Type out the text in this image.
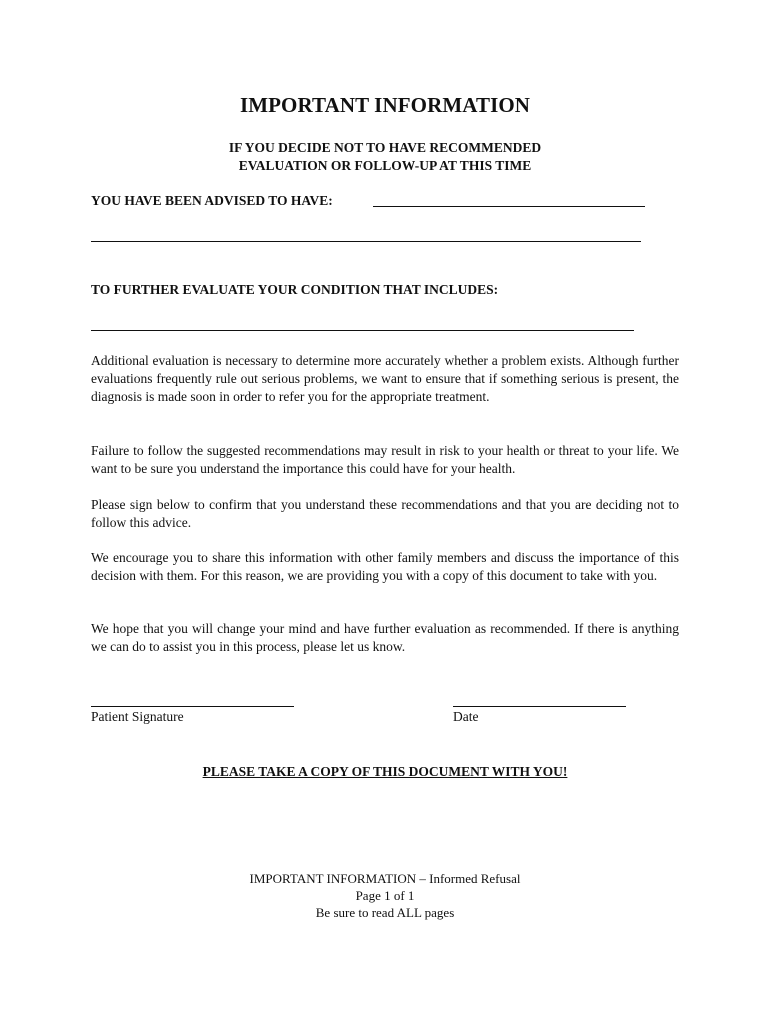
IMPORTANT INFORMATION
IF YOU DECIDE NOT TO HAVE RECOMMENDED
EVALUATION OR FOLLOW-UP AT THIS TIME
YOU HAVE BEEN ADVISED TO HAVE:
TO FURTHER EVALUATE YOUR CONDITION THAT INCLUDES:
Additional evaluation is necessary to determine more accurately whether a problem exists. Although further evaluations frequently rule out serious problems, we want to ensure that if something serious is present, the diagnosis is made soon in order to refer you for the appropriate treatment.
Failure to follow the suggested recommendations may result in risk to your health or threat to your life. We want to be sure you understand the importance this could have for your health.
Please sign below to confirm that you understand these recommendations and that you are deciding not to follow this advice.
We encourage you to share this information with other family members and discuss the importance of this decision with them. For this reason, we are providing you with a copy of this document to take with you.
We hope that you will change your mind and have further evaluation as recommended. If there is anything we can do to assist you in this process, please let us know.
Patient Signature	Date
PLEASE TAKE A COPY OF THIS DOCUMENT WITH YOU!
IMPORTANT INFORMATION – Informed Refusal
Page 1 of 1
Be sure to read ALL pages
